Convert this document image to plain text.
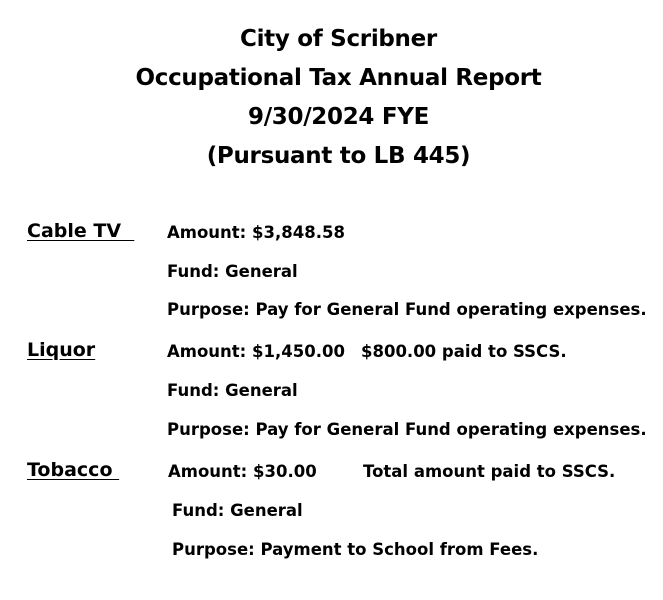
City of Scribner
Occupational Tax Annual Report
9/30/2024 FYE
(Pursuant to LB 445)
Cable TV	Amount: $3,848.58
Fund: General
Purpose: Pay for General Fund operating expenses.
Liquor	Amount: $1,450.00 $800.00 paid to SSCS.
Fund: General
Purpose: Pay for General Fund operating expenses.
Tobacco	Amount: $30.00	Total amount paid to SSCS.
Fund: General
Purpose: Payment to School from Fees.
